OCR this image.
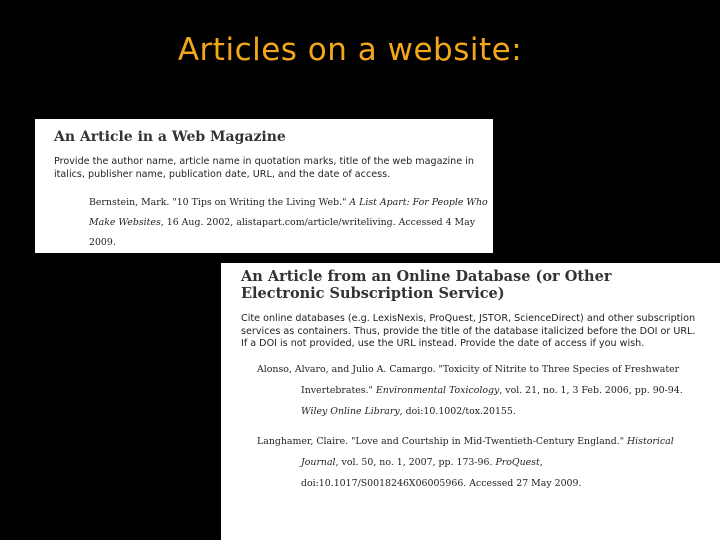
Articles on a website:
An Article in a Web Magazine
Provide the author name, article name in quotation marks, title of the web magazine in italics, publisher name, publication date, URL, and the date of access.
Bernstein, Mark. "10 Tips on Writing the Living Web." A List Apart: For People Who Make Websites, 16 Aug. 2002, alistapart.com/article/writeliving. Accessed 4 May 2009.
An Article from an Online Database (or Other Electronic Subscription Service)
Cite online databases (e.g. LexisNexis, ProQuest, JSTOR, ScienceDirect) and other subscription services as containers. Thus, provide the title of the database italicized before the DOI or URL. If a DOI is not provided, use the URL instead. Provide the date of access if you wish.
Alonso, Alvaro, and Julio A. Camargo. "Toxicity of Nitrite to Three Species of Freshwater Invertebrates." Environmental Toxicology, vol. 21, no. 1, 3 Feb. 2006, pp. 90-94. Wiley Online Library, doi:10.1002/tox.20155.
Langhamer, Claire. "Love and Courtship in Mid-Twentieth-Century England." Historical Journal, vol. 50, no. 1, 2007, pp. 173-96. ProQuest, doi:10.1017/S0018246X06005966. Accessed 27 May 2009.
